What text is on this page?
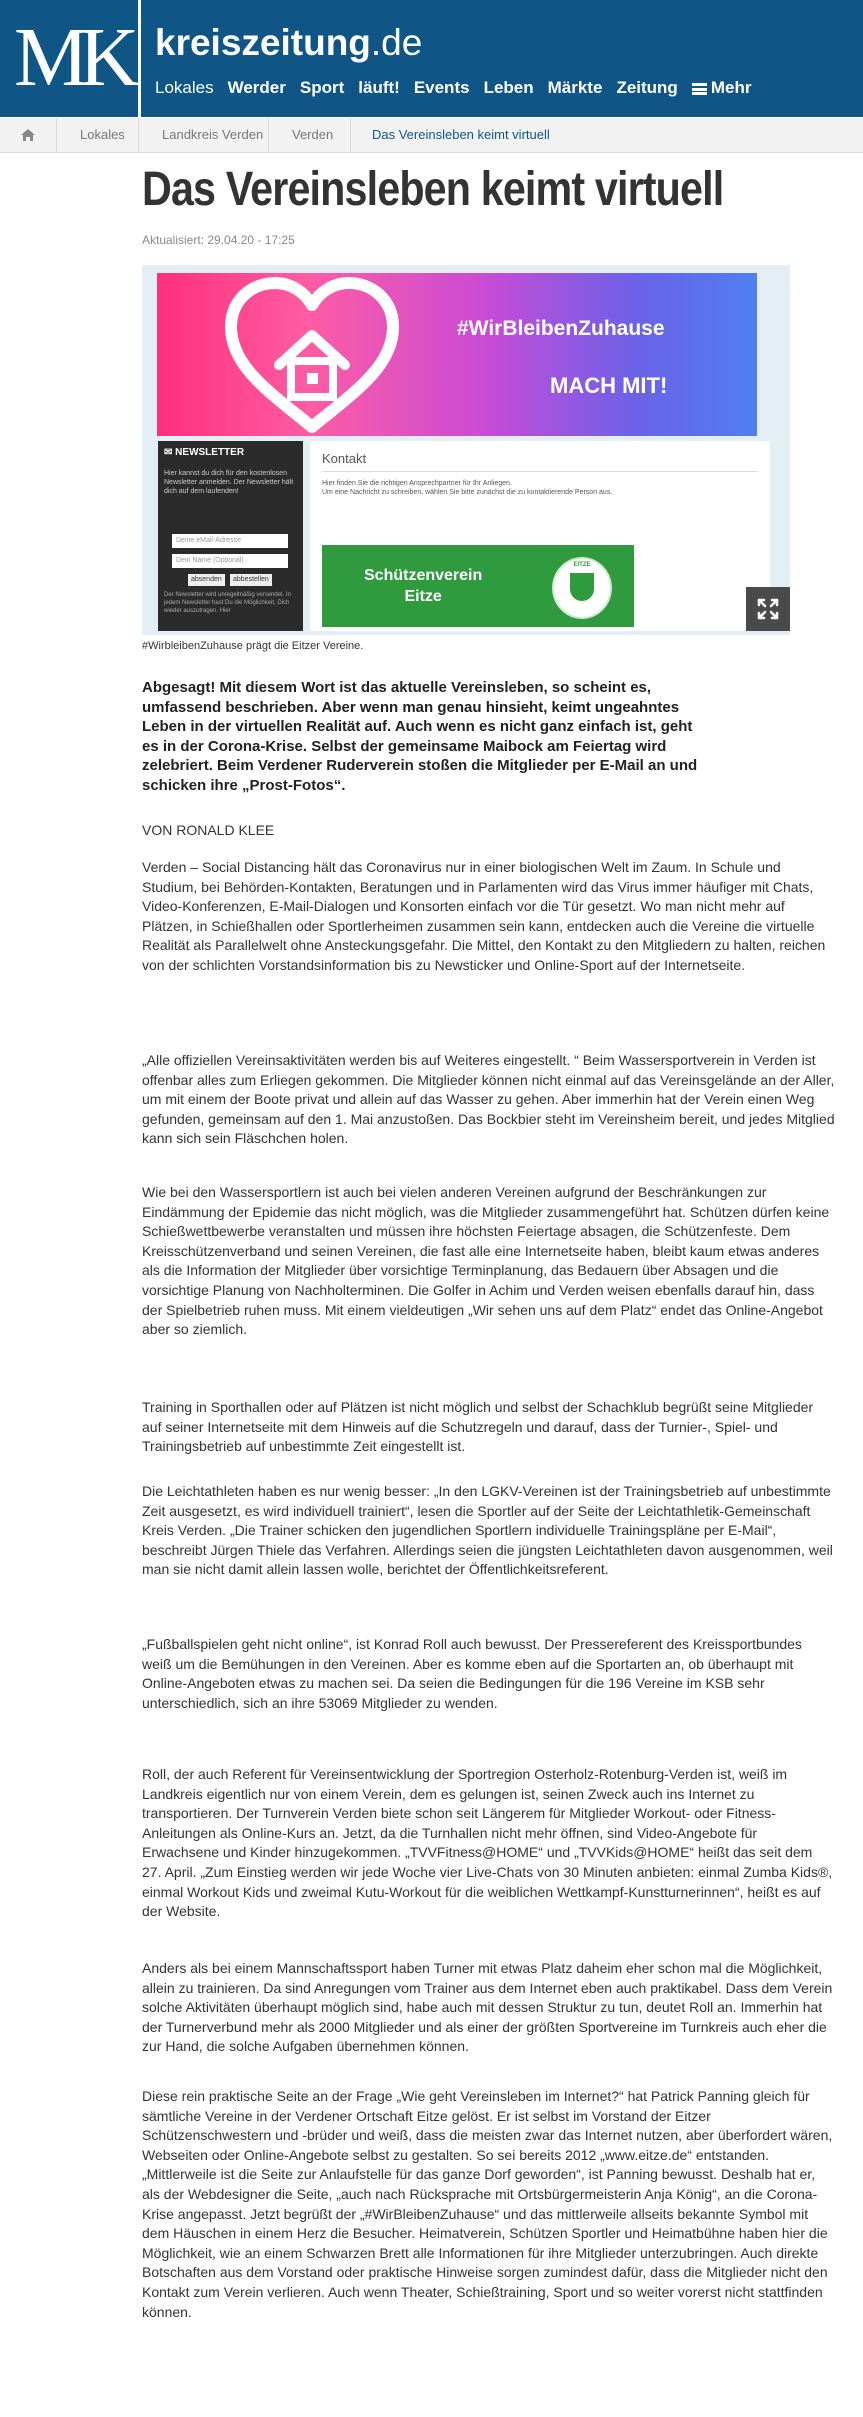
MK kreiszeitung.de
Lokales Werder Sport läuft! Events Leben Märkte Zeitung	Mehr
Lokales	Landkreis Verden Verden	Das Vereinsleben keimt virtuell
Das Vereinsleben keimt virtuell
Aktualisiert: 29.04.20 - 17:25
#WirBleibenZuhause
MACH MIT!
✉ NEWSLETTER
Hier kannst du dich für den kostenlosen Newsletter anmelden. Der Newsletter hält dich auf dem laufenden!
Deine eMail-Adresse
Dein Name (Optional)
absenden	abbestellen
Der Newsletter wird unregelmäßig versendet. In jedem Newsletter hast Du die Möglichkeit, Dich wieder auszutragen. Hier
Kontakt
Hier finden Sie die richtigen Ansprechpartner für Ihr Anliegen.
Um eine Nachricht zu schreiben, wählen Sie bitte zunächst die zu kontaktierende Person aus.
Schützenverein
Eitze
EITZE
#WirbleibenZuhause prägt die Eitzer Vereine.
Abgesagt! Mit diesem Wort ist das aktuelle Vereinsleben, so scheint es, umfassend beschrieben. Aber wenn man genau hinsieht, keimt ungeahntes Leben in der virtuellen Realität auf. Auch wenn es nicht ganz einfach ist, geht es in der Corona-Krise. Selbst der gemeinsame Maibock am Feiertag wird zelebriert. Beim Verdener Ruderverein stoßen die Mitglieder per E-Mail an und schicken ihre „Prost-Fotos“.
VON RONALD KLEE

Verden – Social Distancing hält das Coronavirus nur in einer biologischen Welt im Zaum. In Schule und Studium, bei Behörden-Kontakten, Beratungen und in Parlamenten wird das Virus immer häufiger mit Chats, Video-Konferenzen, E-Mail-Dialogen und Konsorten einfach vor die Tür gesetzt. Wo man nicht mehr auf Plätzen, in Schießhallen oder Sportlerheimen zusammen sein kann, entdecken auch die Vereine die virtuelle Realität als Parallelwelt ohne Ansteckungsgefahr. Die Mittel, den Kontakt zu den Mitgliedern zu halten, reichen von der schlichten Vorstandsinformation bis zu Newsticker und Online-Sport auf der Internetseite.

„Alle offiziellen Vereinsaktivitäten werden bis auf Weiteres eingestellt. “ Beim Wassersportverein in Verden ist offenbar alles zum Erliegen gekommen. Die Mitglieder können nicht einmal auf das Vereinsgelände an der Aller, um mit einem der Boote privat und allein auf das Wasser zu gehen. Aber immerhin hat der Verein einen Weg gefunden, gemeinsam auf den 1. Mai anzustoßen. Das Bockbier steht im Vereinsheim bereit, und jedes Mitglied kann sich sein Fläschchen holen.

Wie bei den Wassersportlern ist auch bei vielen anderen Vereinen aufgrund der Beschränkungen zur Eindämmung der Epidemie das nicht möglich, was die Mitglieder zusammengeführt hat. Schützen dürfen keine Schießwettbewerbe veranstalten und müssen ihre höchsten Feiertage absagen, die Schützenfeste. Dem Kreisschützenverband und seinen Vereinen, die fast alle eine Internetseite haben, bleibt kaum etwas anderes als die Information der Mitglieder über vorsichtige Terminplanung, das Bedauern über Absagen und die vorsichtige Planung von Nachholterminen. Die Golfer in Achim und Verden weisen ebenfalls darauf hin, dass der Spielbetrieb ruhen muss. Mit einem vieldeutigen „Wir sehen uns auf dem Platz“ endet das Online-Angebot aber so ziemlich.

Training in Sporthallen oder auf Plätzen ist nicht möglich und selbst der Schachklub begrüßt seine Mitglieder auf seiner Internetseite mit dem Hinweis auf die Schutzregeln und darauf, dass der Turnier-, Spiel- und Trainingsbetrieb auf unbestimmte Zeit eingestellt ist.

Die Leichtathleten haben es nur wenig besser: „In den LGKV-Vereinen ist der Trainingsbetrieb auf unbestimmte Zeit ausgesetzt, es wird individuell trainiert“, lesen die Sportler auf der Seite der Leichtathletik-Gemeinschaft Kreis Verden. „Die Trainer schicken den jugendlichen Sportlern individuelle Trainingspläne per E-Mail“, beschreibt Jürgen Thiele das Verfahren. Allerdings seien die jüngsten Leichtathleten davon ausgenommen, weil man sie nicht damit allein lassen wolle, berichtet der Öffentlichkeitsreferent.

„Fußballspielen geht nicht online“, ist Konrad Roll auch bewusst. Der Pressereferent des Kreissportbundes weiß um die Bemühungen in den Vereinen. Aber es komme eben auf die Sportarten an, ob überhaupt mit Online-Angeboten etwas zu machen sei. Da seien die Bedingungen für die 196 Vereine im KSB sehr unterschiedlich, sich an ihre 53069 Mitglieder zu wenden.

Roll, der auch Referent für Vereinsentwicklung der Sportregion Osterholz-Rotenburg-Verden ist, weiß im Landkreis eigentlich nur von einem Verein, dem es gelungen ist, seinen Zweck auch ins Internet zu transportieren. Der Turnverein Verden biete schon seit Längerem für Mitglieder Workout- oder Fitness-Anleitungen als Online-Kurs an. Jetzt, da die Turnhallen nicht mehr öffnen, sind Video-Angebote für Erwachsene und Kinder hinzugekommen. „TVVFitness@HOME“ und „TVVKids@HOME“ heißt das seit dem 27. April. „Zum Einstieg werden wir jede Woche vier Live-Chats von 30 Minuten anbieten: einmal Zumba Kids®, einmal Workout Kids und zweimal Kutu-Workout für die weiblichen Wettkampf-Kunstturnerinnen“, heißt es auf der Website.

Anders als bei einem Mannschaftssport haben Turner mit etwas Platz daheim eher schon mal die Möglichkeit, allein zu trainieren. Da sind Anregungen vom Trainer aus dem Internet eben auch praktikabel. Dass dem Verein solche Aktivitäten überhaupt möglich sind, habe auch mit dessen Struktur zu tun, deutet Roll an. Immerhin hat der Turnerverbund mehr als 2000 Mitglieder und als einer der größten Sportvereine im Turnkreis auch eher die zur Hand, die solche Aufgaben übernehmen können.

Diese rein praktische Seite an der Frage „Wie geht Vereinsleben im Internet?“ hat Patrick Panning gleich für sämtliche Vereine in der Verdener Ortschaft Eitze gelöst. Er ist selbst im Vorstand der Eitzer Schützenschwestern und -brüder und weiß, dass die meisten zwar das Internet nutzen, aber überfordert wären, Webseiten oder Online-Angebote selbst zu gestalten. So sei bereits 2012 „www.eitze.de“ entstanden. „Mittlerweile ist die Seite zur Anlaufstelle für das ganze Dorf geworden“, ist Panning bewusst. Deshalb hat er, als der Webdesigner die Seite, „auch nach Rücksprache mit Ortsbürgermeisterin Anja König“, an die Corona-Krise angepasst. Jetzt begrüßt der „#WirBleibenZuhause“ und das mittlerweile allseits bekannte Symbol mit dem Häuschen in einem Herz die Besucher. Heimatverein, Schützen Sportler und Heimatbühne haben hier die Möglichkeit, wie an einem Schwarzen Brett alle Informationen für ihre Mitglieder unterzubringen. Auch direkte Botschaften aus dem Vorstand oder praktische Hinweise sorgen zumindest dafür, dass die Mitglieder nicht den Kontakt zum Verein verlieren. Auch wenn Theater, Schießtraining, Sport und so weiter vorerst nicht stattfinden können.
